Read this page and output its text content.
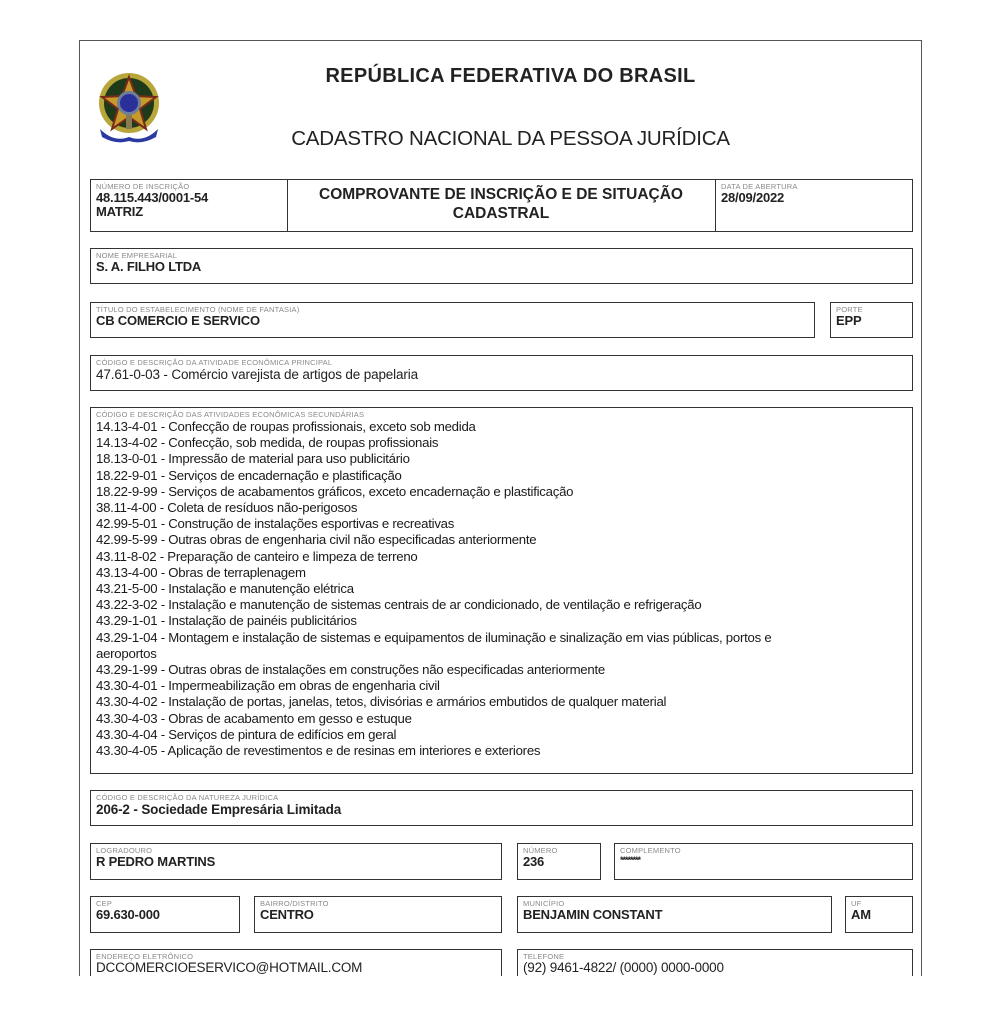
REPÚBLICA FEDERATIVA DO BRASIL
CADASTRO NACIONAL DA PESSOA JURÍDICA
NÚMERO DE INSCRIÇÃO
48.115.443/0001-54
MATRIZ
COMPROVANTE DE INSCRIÇÃO E DE SITUAÇÃO
CADASTRAL
DATA DE ABERTURA
28/09/2022
NOME EMPRESARIAL
S. A. FILHO LTDA
TÍTULO DO ESTABELECIMENTO (NOME DE FANTASIA)
CB COMERCIO E SERVICO
PORTE
EPP
CÓDIGO E DESCRIÇÃO DA ATIVIDADE ECONÔMICA PRINCIPAL
47.61-0-03 - Comércio varejista de artigos de papelaria
CÓDIGO E DESCRIÇÃO DAS ATIVIDADES ECONÔMICAS SECUNDÁRIAS
14.13-4-01 - Confecção de roupas profissionais, exceto sob medida
14.13-4-02 - Confecção, sob medida, de roupas profissionais
18.13-0-01 - Impressão de material para uso publicitário
18.22-9-01 - Serviços de encadernação e plastificação
18.22-9-99 - Serviços de acabamentos gráficos, exceto encadernação e plastificação
38.11-4-00 - Coleta de resíduos não-perigosos
42.99-5-01 - Construção de instalações esportivas e recreativas
42.99-5-99 - Outras obras de engenharia civil não especificadas anteriormente
43.11-8-02 - Preparação de canteiro e limpeza de terreno
43.13-4-00 - Obras de terraplenagem
43.21-5-00 - Instalação e manutenção elétrica
43.22-3-02 - Instalação e manutenção de sistemas centrais de ar condicionado, de ventilação e refrigeração
43.29-1-01 - Instalação de painéis publicitários
43.29-1-04 - Montagem e instalação de sistemas e equipamentos de iluminação e sinalização em vias públicas, portos e
aeroportos
43.29-1-99 - Outras obras de instalações em construções não especificadas anteriormente
43.30-4-01 - Impermeabilização em obras de engenharia civil
43.30-4-02 - Instalação de portas, janelas, tetos, divisórias e armários embutidos de qualquer material
43.30-4-03 - Obras de acabamento em gesso e estuque
43.30-4-04 - Serviços de pintura de edifícios em geral
43.30-4-05 - Aplicação de revestimentos e de resinas em interiores e exteriores
CÓDIGO E DESCRIÇÃO DA NATUREZA JURÍDICA
206-2 - Sociedade Empresária Limitada
LOGRADOURO
R PEDRO MARTINS
NÚMERO
236
COMPLEMENTO
********
CEP
69.630-000
BAIRRO/DISTRITO
CENTRO
MUNICÍPIO
BENJAMIN CONSTANT
UF
AM
ENDEREÇO ELETRÔNICO
DCCOMERCIOESERVICO@HOTMAIL.COM
TELEFONE
(92) 9461-4822/ (0000) 0000-0000
